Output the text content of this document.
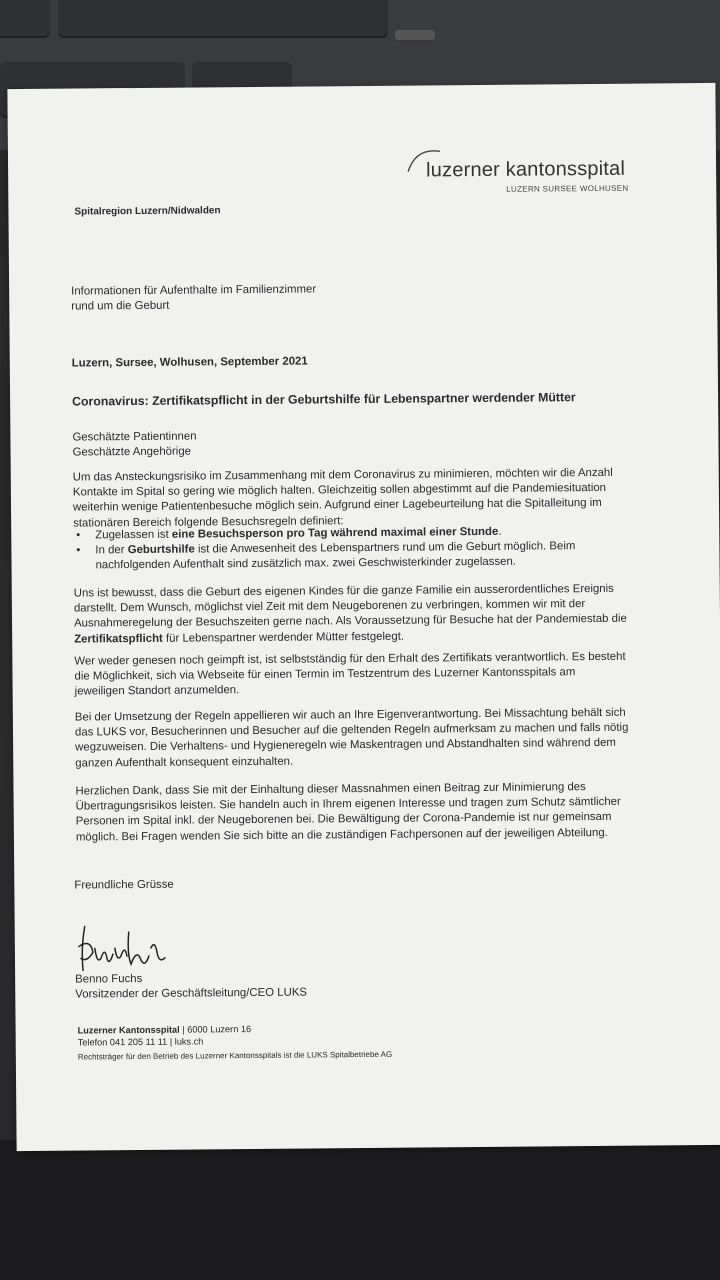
luzerner kantonsspital
LUZERN SURSEE WOLHUSEN
Spitalregion Luzern/Nidwalden
Informationen für Aufenthalte im Familienzimmer
rund um die Geburt
Luzern, Sursee, Wolhusen, September 2021
Coronavirus: Zertifikatspflicht in der Geburtshilfe für Lebenspartner werdender Mütter
Geschätzte Patientinnen
Geschätzte Angehörige
Um das Ansteckungsrisiko im Zusammenhang mit dem Coronavirus zu minimieren, möchten wir die Anzahl
Kontakte im Spital so gering wie möglich halten. Gleichzeitig sollen abgestimmt auf die Pandemiesituation
weiterhin wenige Patientenbesuche möglich sein. Aufgrund einer Lagebeurteilung hat die Spitalleitung im
stationären Bereich folgende Besuchsregeln definiert:
• Zugelassen ist eine Besuchsperson pro Tag während maximal einer Stunde.
• In der Geburtshilfe ist die Anwesenheit des Lebenspartners rund um die Geburt möglich. Beim
nachfolgenden Aufenthalt sind zusätzlich max. zwei Geschwisterkinder zugelassen.
Uns ist bewusst, dass die Geburt des eigenen Kindes für die ganze Familie ein ausserordentliches Ereignis
darstellt. Dem Wunsch, möglichst viel Zeit mit dem Neugeborenen zu verbringen, kommen wir mit der
Ausnahmeregelung der Besuchszeiten gerne nach. Als Voraussetzung für Besuche hat der Pandemiestab die
Zertifikatspflicht für Lebenspartner werdender Mütter festgelegt.
Wer weder genesen noch geimpft ist, ist selbstständig für den Erhalt des Zertifikats verantwortlich. Es besteht
die Möglichkeit, sich via Webseite für einen Termin im Testzentrum des Luzerner Kantonsspitals am
jeweiligen Standort anzumelden.
Bei der Umsetzung der Regeln appellieren wir auch an Ihre Eigenverantwortung. Bei Missachtung behält sich
das LUKS vor, Besucherinnen und Besucher auf die geltenden Regeln aufmerksam zu machen und falls nötig
wegzuweisen. Die Verhaltens- und Hygieneregeln wie Maskentragen und Abstandhalten sind während dem
ganzen Aufenthalt konsequent einzuhalten.
Herzlichen Dank, dass Sie mit der Einhaltung dieser Massnahmen einen Beitrag zur Minimierung des
Übertragungsrisikos leisten. Sie handeln auch in Ihrem eigenen Interesse und tragen zum Schutz sämtlicher
Personen im Spital inkl. der Neugeborenen bei. Die Bewältigung der Corona-Pandemie ist nur gemeinsam
möglich. Bei Fragen wenden Sie sich bitte an die zuständigen Fachpersonen auf der jeweiligen Abteilung.
Freundliche Grüsse
Benno Fuchs
Vorsitzender der Geschäftsleitung/CEO LUKS
Luzerner Kantonsspital | 6000 Luzern 16
Telefon 041 205 11 11 | luks.ch
Rechtsträger für den Betrieb des Luzerner Kantonsspitals ist die LUKS Spitalbetriebe AG
